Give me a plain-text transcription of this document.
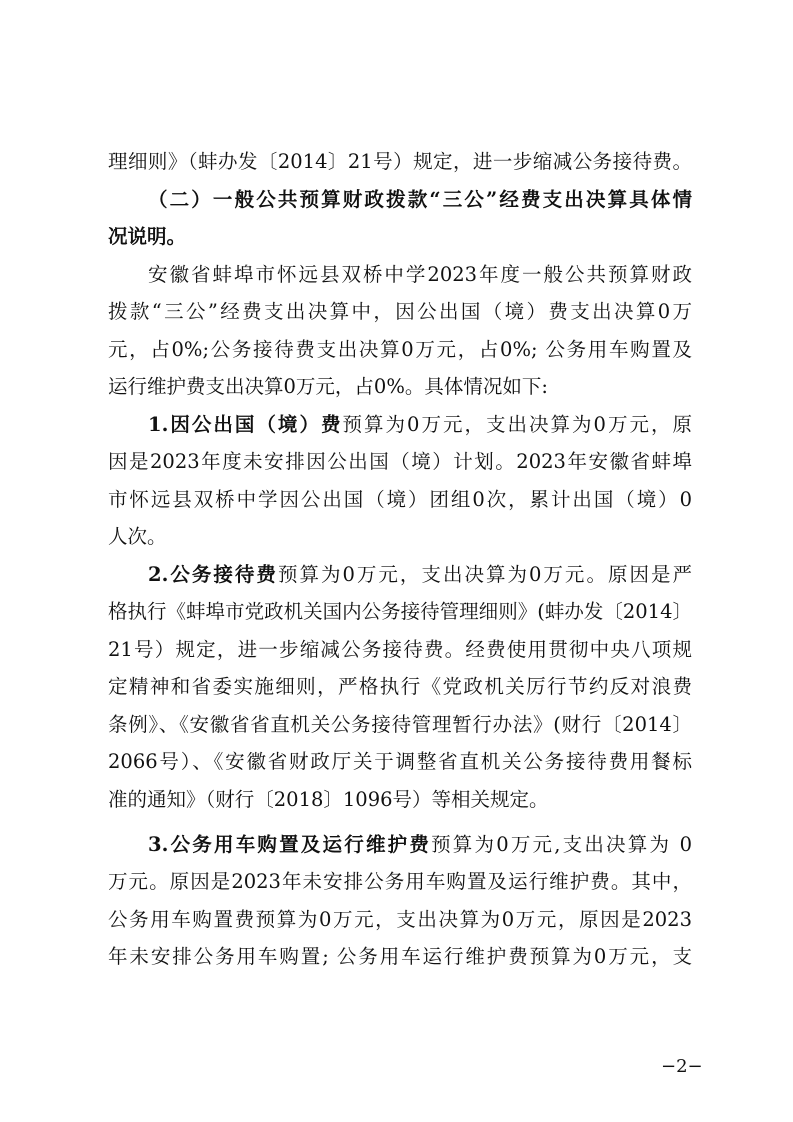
理细则》（蚌办发〔2014〕21号）规定，进一步缩减公务接待费。
（二）一般公共预算财政拨款“三公”经费支出决算具体情
况说明。
安徽省蚌埠市怀远县双桥中学2023年度一般公共预算财政
拨款“三公”经费支出决算中，因公出国（境）费支出决算0万
元，占0%;公务接待费支出决算0万元，占0%; 公务用车购置及
运行维护费支出决算0万元，占0%。具体情况如下:
1.因公出国（境）费预算为0万元，支出决算为0万元，原
因是2023年度未安排因公出国（境）计划。2023年安徽省蚌埠
市怀远县双桥中学因公出国（境）团组0次，累计出国（境）0
人次。
2.公务接待费预算为0万元，支出决算为0万元。原因是严
格执行《蚌埠市党政机关国内公务接待管理细则》(蚌办发〔2014〕
21号）规定，进一步缩减公务接待费。经费使用贯彻中央八项规
定精神和省委实施细则，严格执行《党政机关厉行节约反对浪费
条例》、《安徽省省直机关公务接待管理暂行办法》(财行〔2014〕
2066号）、《安徽省财政厅关于调整省直机关公务接待费用餐标
准的通知》（财行〔2018〕1096号）等相关规定。
3.公务用车购置及运行维护费预算为0万元,支出决算为 0
万元。原因是2023年未安排公务用车购置及运行维护费。其中，
公务用车购置费预算为0万元，支出决算为0万元，原因是2023
年未安排公务用车购置; 公务用车运行维护费预算为0万元，支
−2−
